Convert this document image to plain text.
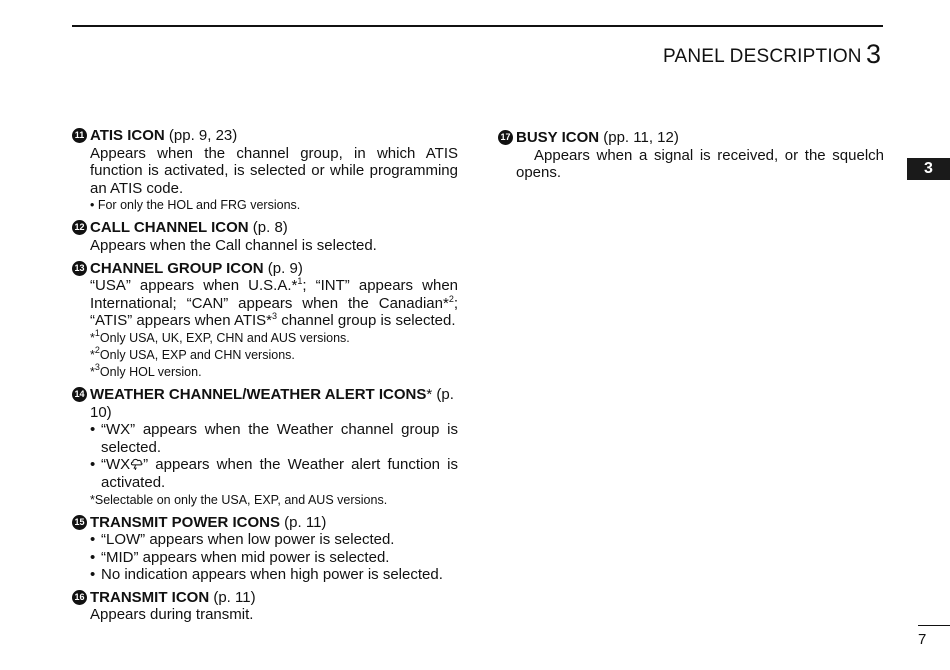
PANEL DESCRIPTION 3
3
11 ATIS ICON (pp. 9, 23)
Appears when the channel group, in which ATIS function is activated, is selected or while programming an ATIS code.
• For only the HOL and FRG versions.
12 CALL CHANNEL ICON (p. 8)
Appears when the Call channel is selected.
13 CHANNEL GROUP ICON (p. 9)
“USA” appears when U.S.A.*$^1$; “INT” appears when International; “CAN” appears when the Canadian*$^2$; “ATIS” appears when ATIS*$^3$ channel group is selected.
*$^1$Only USA, UK, EXP, CHN and AUS versions.
*$^2$Only USA, EXP and CHN versions.
*$^3$Only HOL version.
14 WEATHER CHANNEL/WEATHER ALERT ICONS* (p. 10)
• “WX” appears when the Weather channel group is selected.
• “WX ” appears when the Weather alert function is activated.
*Selectable on only the USA, EXP, and AUS versions.
15 TRANSMIT POWER ICONS (p. 11)
• “LOW” appears when low power is selected.
• “MID” appears when mid power is selected.
• No indication appears when high power is selected.
16 TRANSMIT ICON (p. 11)
Appears during transmit.
17 BUSY ICON (pp. 11, 12)
Appears when a signal is received, or the squelch opens.
7
